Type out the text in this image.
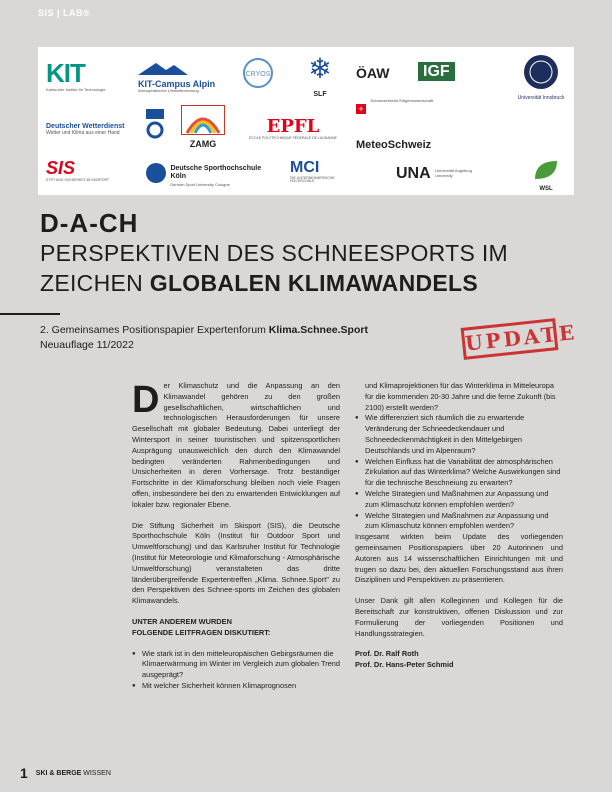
SIS | LAB®
KIT
Karlsruher Institut für Technologie
KIT-Campus Alpin
Atmosphärische Umweltforschung
CRYOS ❄
SLF
ÖAW	IGF
Universität Innsbruck
Deutscher Wetterdienst
Wetter und Klima aus einer Hand
ZAMG
EPFL
ÉCOLE POLYTECHNIQUE FÉDÉRALE DE LAUSANNE
+ Schweizerische Eidgenossenschaft
MeteoSchweiz
SIS
STIFTUNG SICHERHEIT IM SKISPORT
Deutsche Sporthochschule Köln
German Sport University Cologne
MCI
DIE UNTERNEHMERISCHE HOCHSCHULE	UNA Universität Augsburg University
WSL
D-A-CH
PERSPEKTIVEN DES SCHNEESPORTS IM
ZEICHEN GLOBALEN KLIMAWANDELS
2. Gemeinsames Positionspapier Expertenforum Klima.Schnee.Sport
Neuauflage 11/2022	UPDATE

Der Klimaschutz und die Anpassung an den Klimawandel gehören zu den großen gesellschaftlichen, wirtschaftlichen und technologischen Herausforderungen für unsere Gesellschaft mit globaler Bedeutung. Dabei unterliegt der Wintersport in seiner touristischen und spitzensportlichen Ausprägung unausweichlich den durch den Klimawandel bedingten veränderten Rahmenbedingungen und Unsicherheiten in deren Vorhersage. Trotz beständiger Fortschritte in der Klimaforschung bleiben noch viele Fragen offen, insbesondere bei den zu erwartenden Entwicklungen auf lokaler bzw. regionaler Ebene.

Die Stiftung Sicherheit im Skisport (SIS), die Deutsche Sporthochschule Köln (Institut für Outdoor Sport und Umweltforschung) und das Karlsruher Institut für Technologie (Institut für Meteorologie und Klimaforschung - Atmosphärische Umweltforschung) veranstalteten das dritte länderübergreifende Expertentreffen „Klima. Schnee.Sport" zu den Perspektiven des Schnee-sports im Zeichen des globalen Klimawandels.

UNTER ANDEREM WURDEN
FOLGENDE LEITFRAGEN DISKUTIERT:
● Wie stark ist in den mitteleuropäischen Gebirgsräumen die Klimaerwärmung im Winter im Vergleich zum globalen Trend ausgeprägt?
● Mit welcher Sicherheit können Klimaprognosen
und Klimaprojektionen für das Winterklima in Mitteleuropa für die kommenden 20-30 Jahre und die ferne Zukunft (bis 2100) erstellt werden?
● Wie differenziert sich räumlich die zu erwartende Veränderung der Schneedeckendauer und Schneedeckenmächtigkeit in den Mittelgebirgen Deutschlands und im Alpenraum?
● Welchen Einfluss hat die Variabilität der atmosphärischen Zirkulation auf das Winterklima? Welche Auswirkungen sind für die technische Beschneiung zu erwarten?
● Welche Strategien und Maßnahmen zur Anpassung und zum Klimaschutz können empfohlen werden?
● Welche Strategien und Maßnahmen zur Anpassung und zum Klimaschutz können empfohlen werden?

Insgesamt wirkten beim Update des vorliegenden gemeinsamen Positionspapiers über 20 Autorinnen und Autoren aus 14 wissenschaftlichen Einrichtungen mit und trugen so dazu bei, den aktuellen Forschungsstand aus ihren Disziplinen und Perspektiven zu präsentieren.

Unser Dank gilt allen Kolleginnen und Kollegen für die Bereitschaft zur konstruktiven, offenen Diskussion und zur Formulierung der vorliegenden Positionen und Handlungsstrategien.

Prof. Dr. Ralf Roth
Prof. Dr. Hans-Peter Schmid
1 SKI & BERGE WISSEN
